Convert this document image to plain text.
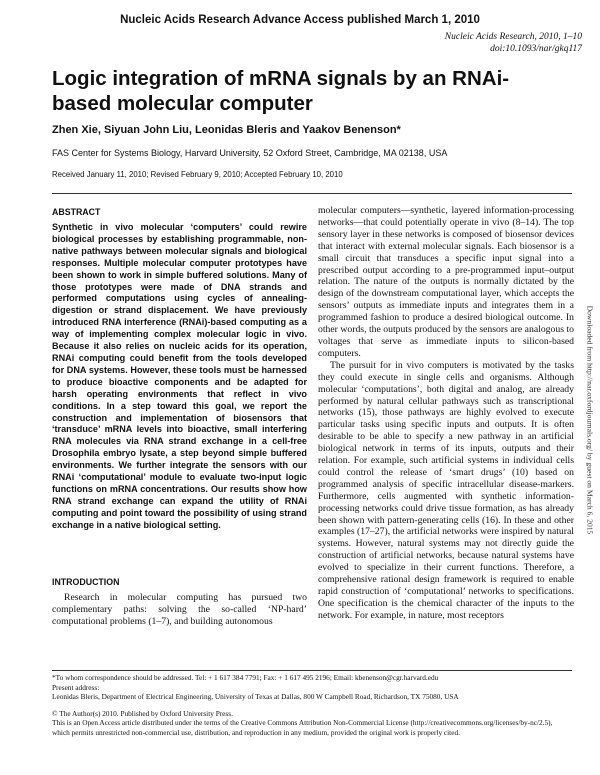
Nucleic Acids Research Advance Access published March 1, 2010
Nucleic Acids Research, 2010, 1–10
doi:10.1093/nar/gkq117
Logic integration of mRNA signals by an RNAi-based molecular computer
Zhen Xie, Siyuan John Liu, Leonidas Bleris and Yaakov Benenson*
FAS Center for Systems Biology, Harvard University, 52 Oxford Street, Cambridge, MA 02138, USA
Received January 11, 2010; Revised February 9, 2010; Accepted February 10, 2010
ABSTRACT

Synthetic in vivo molecular ‘computers’ could rewire biological processes by establishing programmable, non-native pathways between molecular signals and biological responses. Multiple molecular computer prototypes have been shown to work in simple buffered solutions. Many of those prototypes were made of DNA strands and performed computations using cycles of annealing-digestion or strand displacement. We have previously introduced RNA interference (RNAi)-based computing as a way of implementing complex molecular logic in vivo. Because it also relies on nucleic acids for its operation, RNAi computing could benefit from the tools developed for DNA systems. However, these tools must be harnessed to produce bioactive components and be adapted for harsh operating environments that reflect in vivo conditions. In a step toward this goal, we report the construction and implementation of biosensors that ‘transduce’ mRNA levels into bioactive, small interfering RNA molecules via RNA strand exchange in a cell-free Drosophila embryo lysate, a step beyond simple buffered environments. We further integrate the sensors with our RNAi ‘computational’ module to evaluate two-input logic functions on mRNA concentrations. Our results show how RNA strand exchange can expand the utility of RNAi computing and point toward the possibility of using strand exchange in a native biological setting.

INTRODUCTION

Research in molecular computing has pursued two complementary paths: solving the so-called ‘NP-hard’ computational problems (1–7), and building autonomous

molecular computers—synthetic, layered information-processing networks—that could potentially operate in vivo (8–14). The top sensory layer in these networks is composed of biosensor devices that interact with external molecular signals. Each biosensor is a small circuit that transduces a specific input signal into a prescribed output according to a pre-programmed input–output relation. The nature of the outputs is normally dictated by the design of the downstream computational layer, which accepts the sensors’ outputs as immediate inputs and integrates them in a programmed fashion to produce a desired biological outcome. In other words, the outputs produced by the sensors are analogous to voltages that serve as immediate inputs to silicon-based computers.

The pursuit for in vivo computers is motivated by the tasks they could execute in single cells and organisms. Although molecular ‘computations’, both digital and analog, are already performed by natural cellular pathways such as transcriptional networks (15), those pathways are highly evolved to execute particular tasks using specific inputs and outputs. It is often desirable to be able to specify a new pathway in an artificial biological network in terms of its inputs, outputs and their relation. For example, such artificial systems in individual cells could control the release of ‘smart drugs’ (10) based on programmed analysis of specific intracellular disease-markers. Furthermore, cells augmented with synthetic information-processing networks could drive tissue formation, as has already been shown with pattern-generating cells (16). In these and other examples (17–27), the artificial networks were inspired by natural systems. However, natural systems may not directly guide the construction of artificial networks, because natural systems have evolved to specialize in their current functions. Therefore, a comprehensive rational design framework is required to enable rapid construction of ‘computational’ networks to specifications. One specification is the chemical character of the inputs to the network. For example, in nature, most receptors

*To whom correspondence should be addressed. Tel: + 1 617 384 7791; Fax: + 1 617 495 2196; Email: kbenenson@cgr.harvard.edu
Present address:
Leonidas Bleris, Department of Electrical Engineering, University of Texas at Dallas, 800 W Campbell Road, Richardson, TX 75080, USA
© The Author(s) 2010. Published by Oxford University Press.
This is an Open Access article distributed under the terms of the Creative Commons Attribution Non-Commercial License (http://creativecommons.org/licenses/by-nc/2.5), which permits unrestricted non-commercial use, distribution, and reproduction in any medium, provided the original work is properly cited.
Downloaded from http://nar.oxfordjournals.org/ by guest on March 6, 2015
